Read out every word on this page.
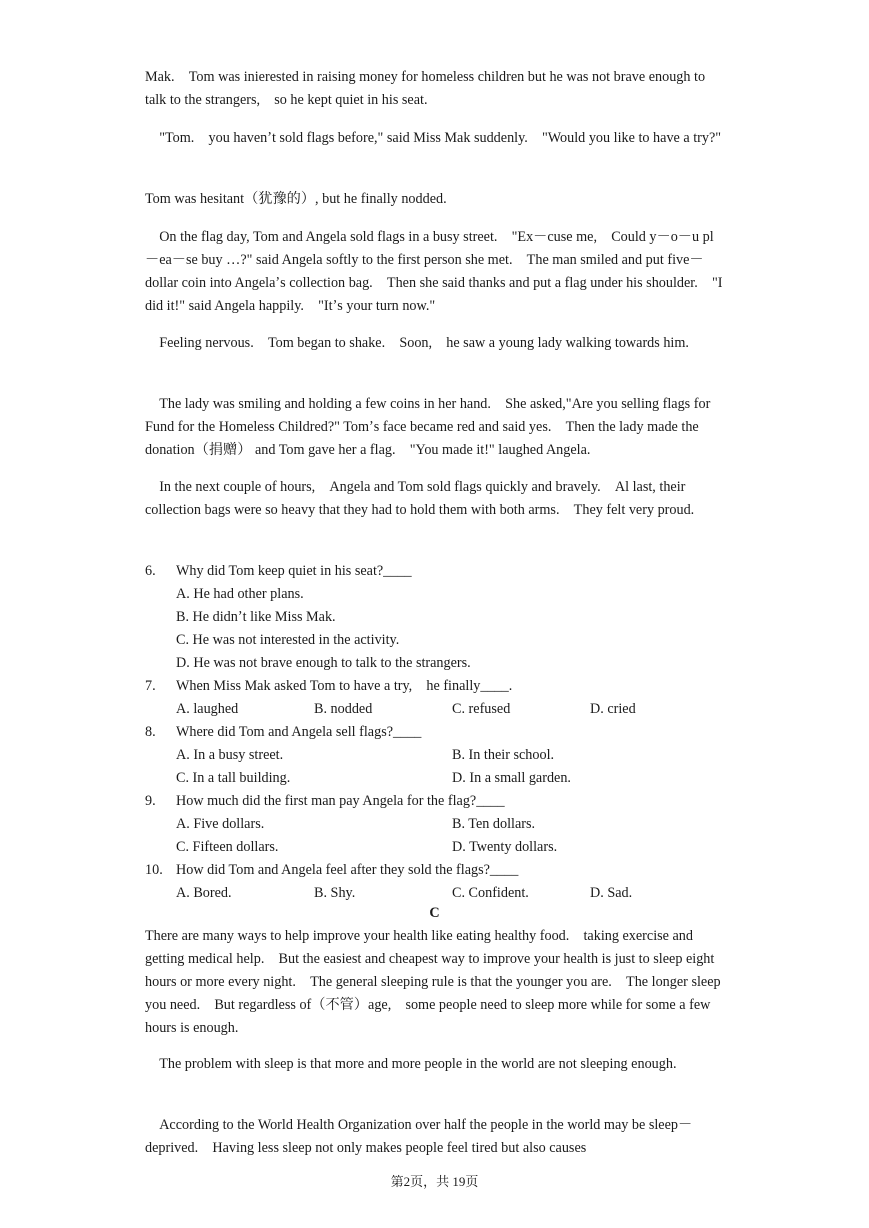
Mak. Tom was inierested in raising money for homeless children but he was not brave enough to talk to the strangers, so he kept quiet in his seat.

 "Tom. you havenʼt sold flags before," said Miss Mak suddenly. "Would you like to have a try?"

Tom was hesitant（犹豫的）, but he finally nodded.

 On the flag day, Tom and Angela sold flags in a busy street. "Ex－cuse me, Could y－o－u pl－ea－se buy …?" said Angela softly to the first person she met. The man smiled and put five－dollar coin into Angelaʼs collection bag. Then she said thanks and put a flag under his shoulder. "I did it!" said Angela happily. "Itʼs your turn now."

 Feeling nervous. Tom began to shake. Soon, he saw a young lady walking towards him.

 The lady was smiling and holding a few coins in her hand. She asked,"Are you selling flags for Fund for the Homeless Childred?" Tomʼs face became red and said yes. Then the lady made the donation（捐赠） and Tom gave her a flag. "You made it!" laughed Angela.

 In the next couple of hours, Angela and Tom sold flags quickly and bravely. Al last, their collection bags were so heavy that they had to hold them with both arms. They felt very proud.

6. Why did Tom keep quiet in his seat?____
A. He had other plans.
B. He didnʼt like Miss Mak.
C. He was not interested in the activity.
D. He was not brave enough to talk to the strangers.
7. When Miss Mak asked Tom to have a try, he finally____.
A. laughed	B. nodded	C. refused	D. cried
8. Where did Tom and Angela sell flags?____
A. In a busy street.	B. In their school.
C. In a tall building.	D. In a small garden.
9. How much did the first man pay Angela for the flag?____
A. Five dollars.	B. Ten dollars.
C. Fifteen dollars.	D. Twenty dollars.
10. How did Tom and Angela feel after they sold the flags?____
A. Bored.	B. Shy.	C. Confident.	D. Sad.
C

There are many ways to help improve your health like eating healthy food. taking exercise and getting medical help. But the easiest and cheapest way to improve your health is just to sleep eight hours or more every night. The general sleeping rule is that the younger you are. The longer sleep you need. But regardless of（不管）age, some people need to sleep more while for some a few hours is enough.

 The problem with sleep is that more and more people in the world are not sleeping enough.

 According to the World Health Organization over half the people in the world may be sleep－deprived. Having less sleep not only makes people feel tired but also causes

第2页，共 19页
